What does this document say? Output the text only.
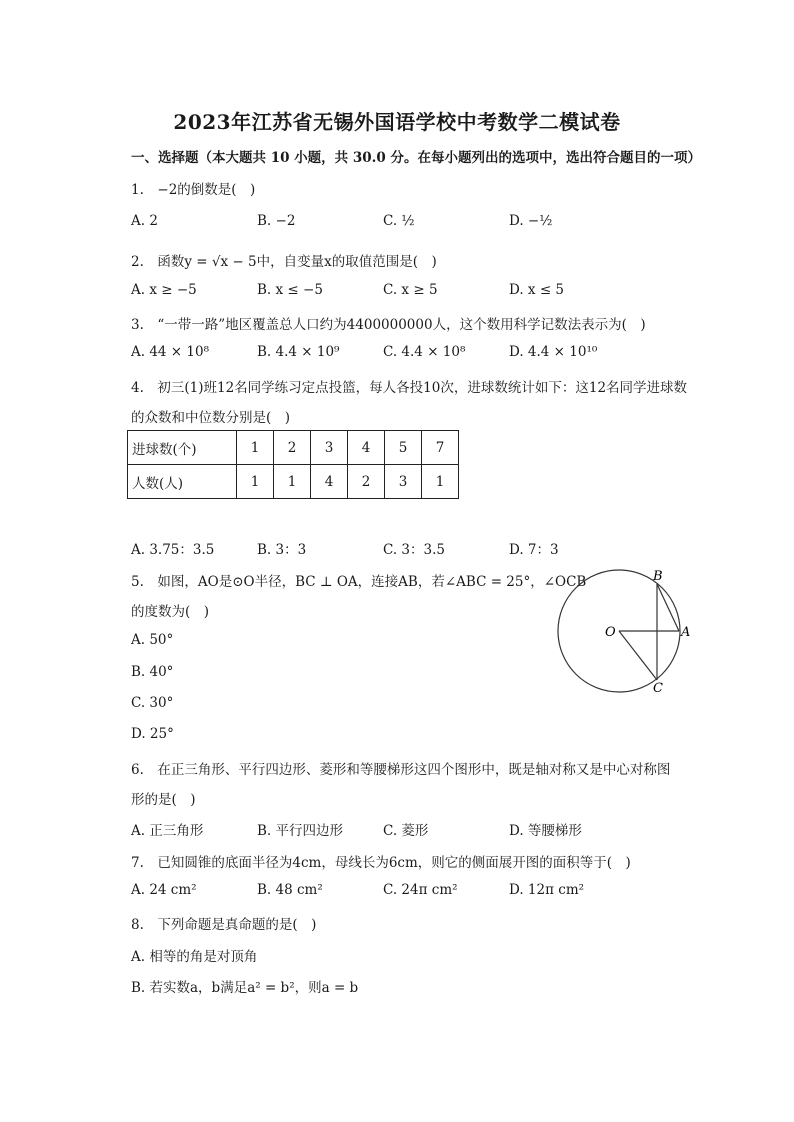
2023年江苏省无锡外国语学校中考数学二模试卷
一、选择题（本大题共 10 小题，共 30.0 分。在每小题列出的选项中，选出符合题目的一项）
1.　−2的倒数是(　)
A. 2	B. −2	C. ½	D. −½
2.　函数y = √x − 5中，自变量x的取值范围是(　)
A. x ≥ −5	B. x ≤ −5	C. x ≥ 5	D. x ≤ 5
3.　“一带一路”地区覆盖总人口约为4400000000人，这个数用科学记数法表示为(　)
A. 44 × 10⁸	B. 4.4 × 10⁹	C. 4.4 × 10⁸	D. 4.4 × 10¹⁰
4.　初三(1)班12名同学练习定点投篮，每人各投10次，进球数统计如下：这12名同学进球数
的众数和中位数分别是(　)
进球数(个)	1	2	3	4	5	7
人数(人)	1	1	4	2	3	1
A. 3.75：3.5	B. 3：3	C. 3：3.5	D. 7：3
5.　如图，AO是⊙O半径，BC ⊥ OA，连接AB，若∠ABC = 25°，∠OCB
的度数为(　)
A. 50°
B. 40°
C. 30°
D. 25°
O	A
B
C
6.　在正三角形、平行四边形、菱形和等腰梯形这四个图形中，既是轴对称又是中心对称图
形的是(　)
A. 正三角形	B. 平行四边形	C. 菱形	D. 等腰梯形
7.　已知圆锥的底面半径为4cm，母线长为6cm，则它的侧面展开图的面积等于(　)
A. 24 cm²	B. 48 cm²	C. 24π cm²	D. 12π cm²
8.　下列命题是真命题的是(　)
A. 相等的角是对顶角
B. 若实数a，b满足a² = b²，则a = b
